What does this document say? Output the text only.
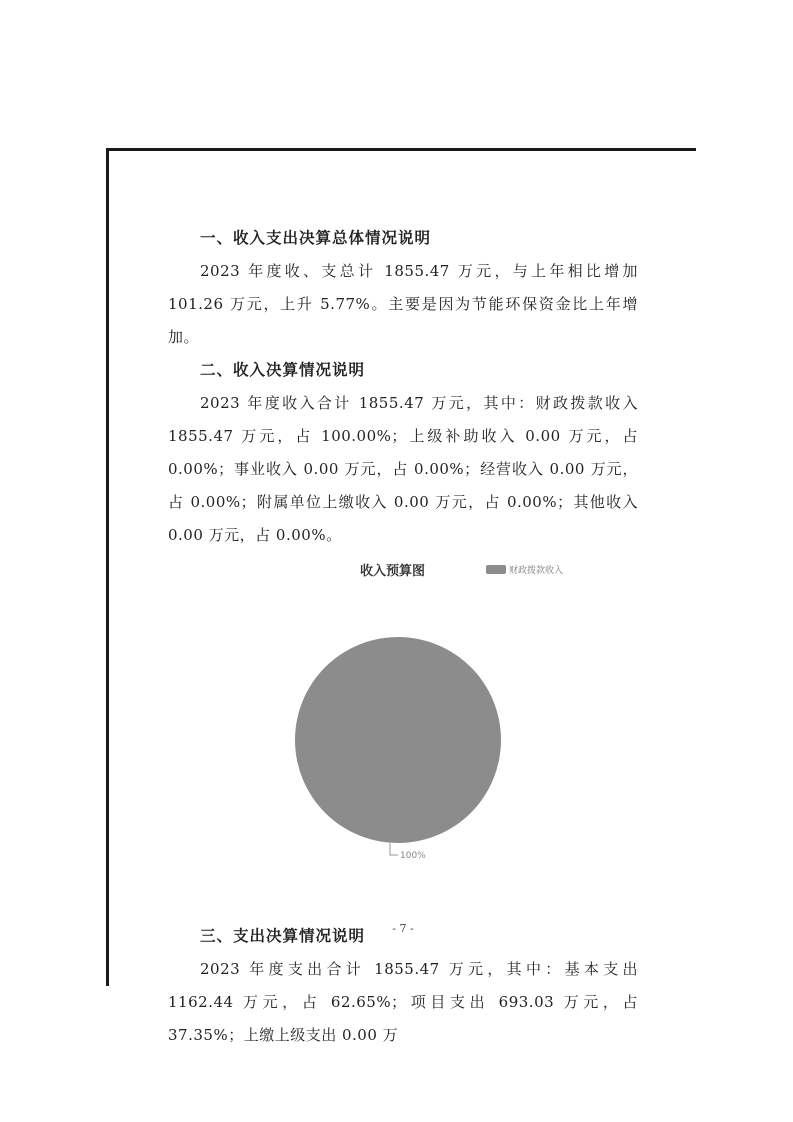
一、收入支出决算总体情况说明

2023 年度收、支总计 1855.47 万元，与上年相比增加 101.26 万元，上升 5.77%。主要是因为节能环保资金比上年增加。

二、收入决算情况说明

2023 年度收入合计 1855.47 万元，其中：财政拨款收入 1855.47 万元，占 100.00%；上级补助收入 0.00 万元，占 0.00%；事业收入 0.00 万元，占 0.00%；经营收入 0.00 万元，占 0.00%；附属单位上缴收入 0.00 万元，占 0.00%；其他收入 0.00 万元，占 0.00%。

收入预算图	财政拨款收入
100%
三、支出决算情况说明

2023 年度支出合计 1855.47 万元，其中：基本支出 1162.44 万元，占 62.65%；项目支出 693.03 万元，占 37.35%；上缴上级支出 0.00 万

- 7 -
